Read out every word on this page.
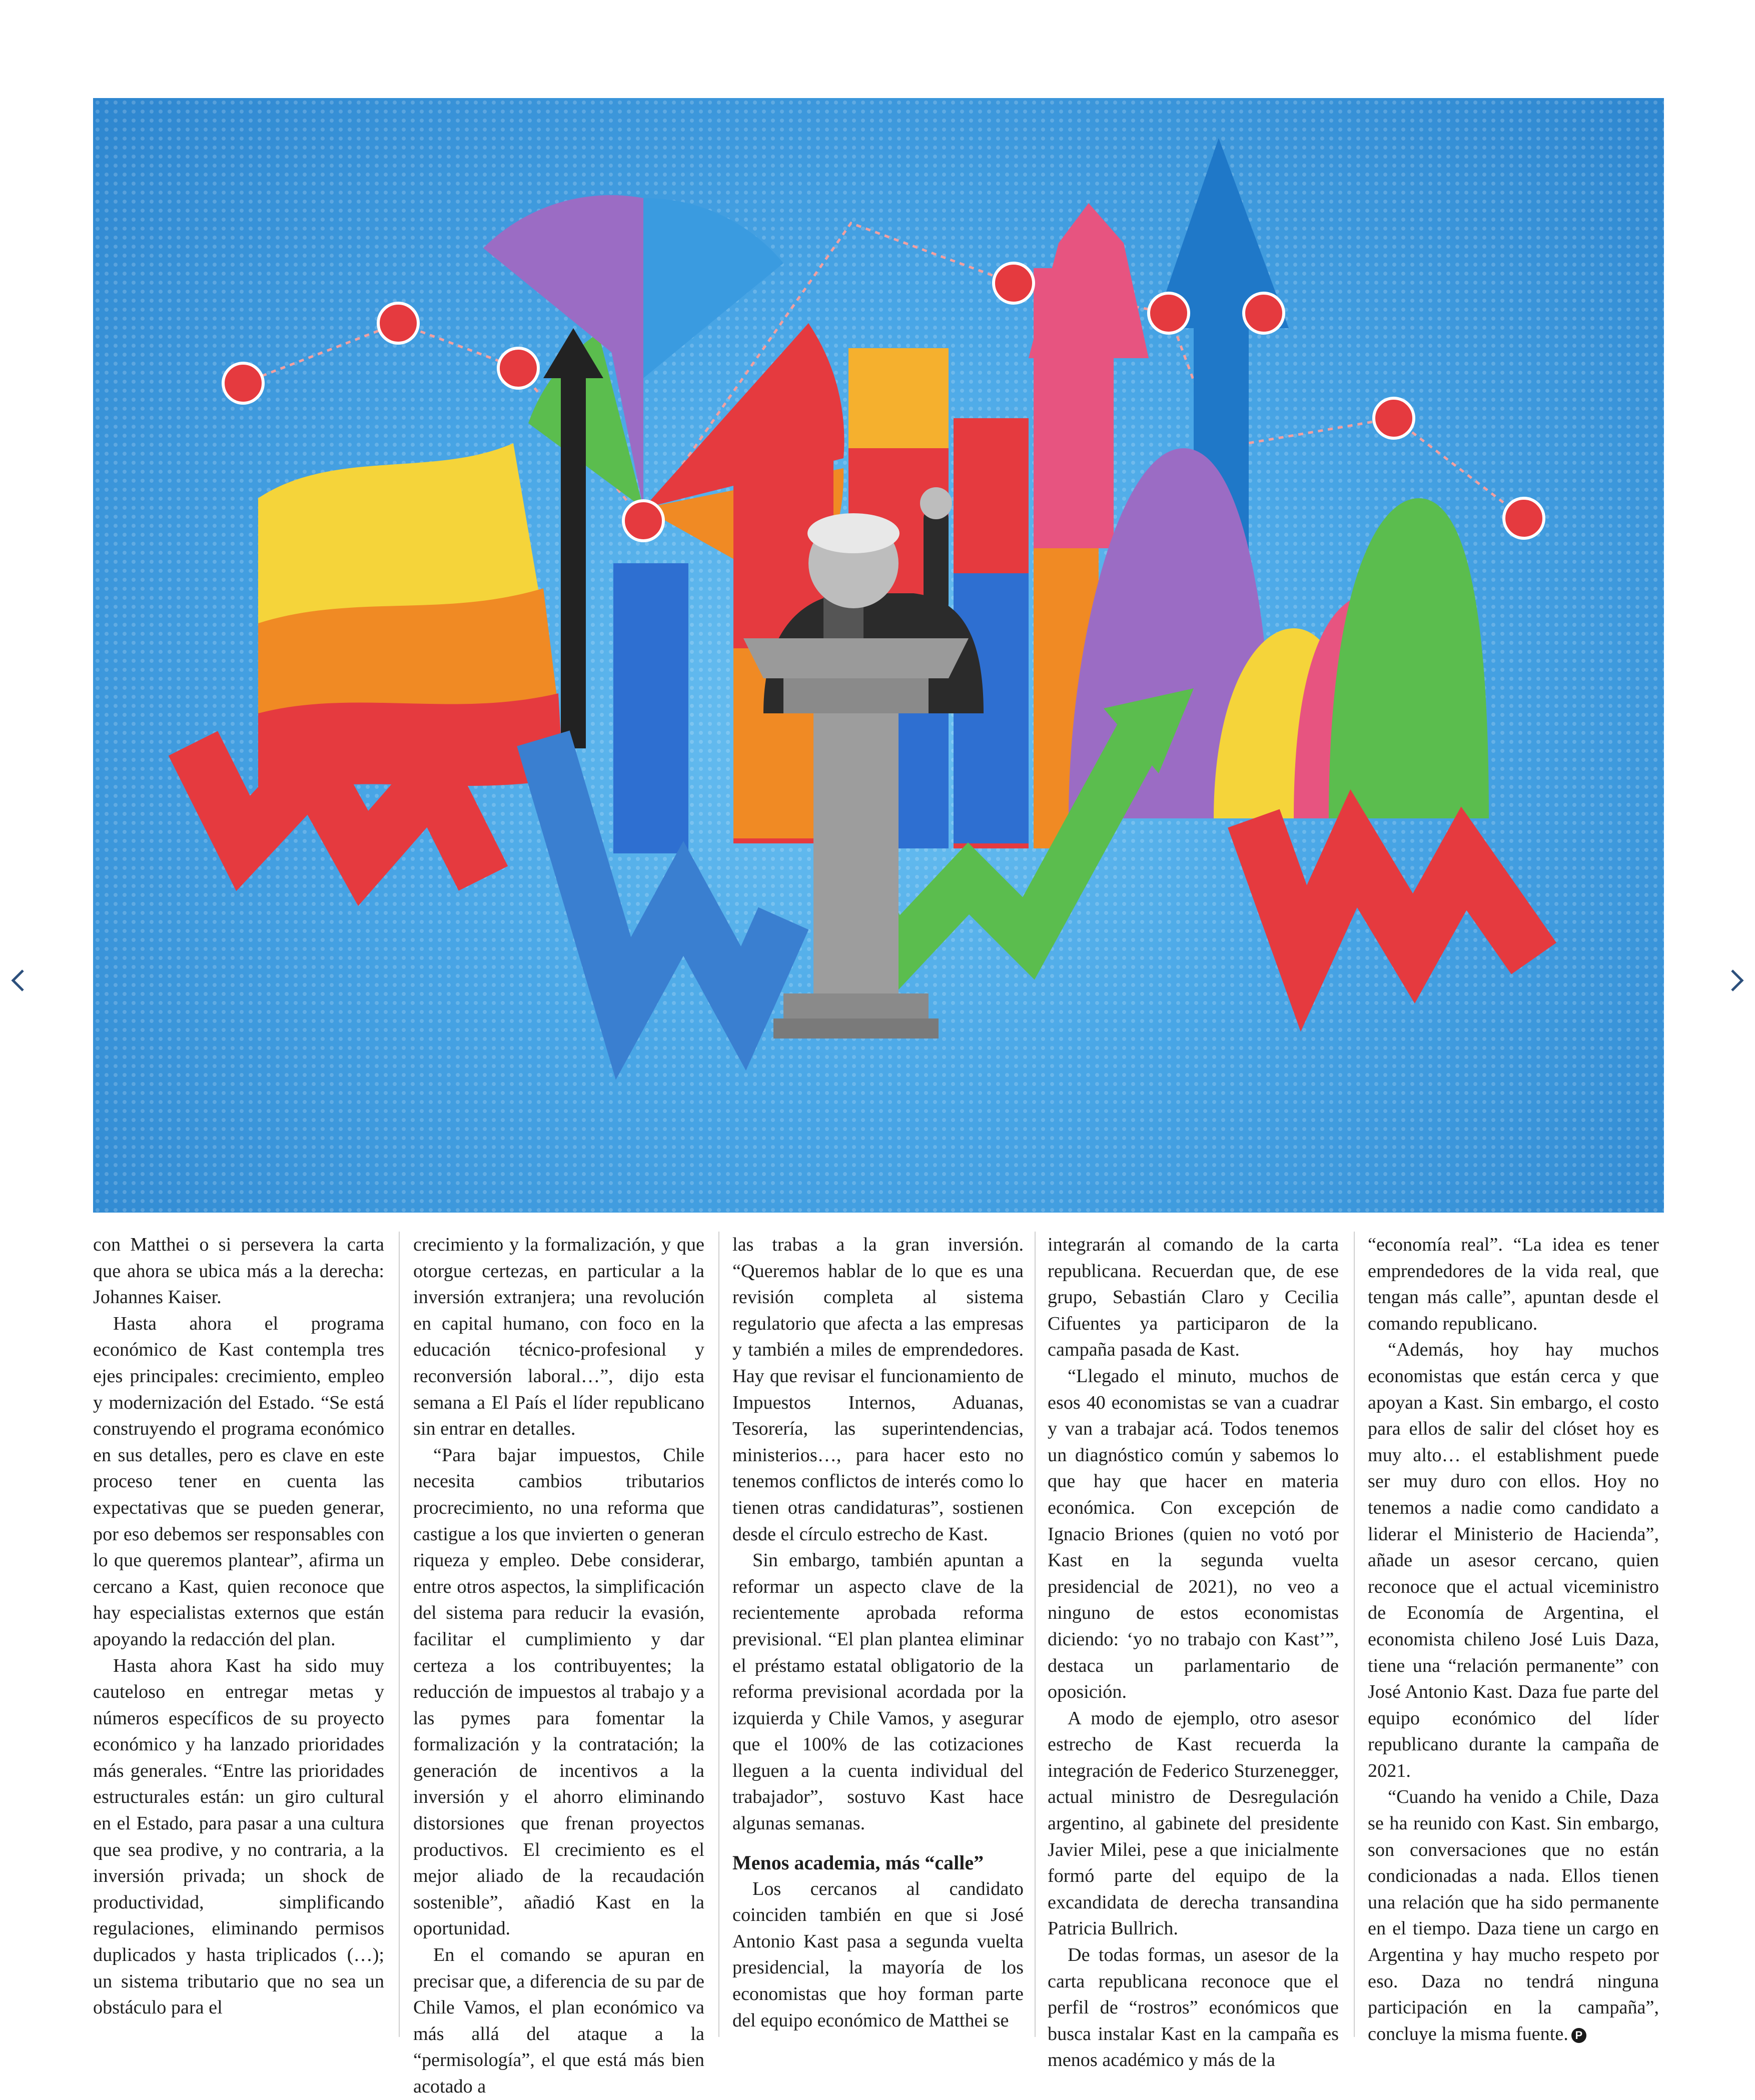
con Matthei o si persevera la carta que ahora se ubica más a la derecha: Johannes Kaiser.

Hasta ahora el programa económico de Kast contempla tres ejes principales: crecimiento, empleo y modernización del Estado. “Se está construyendo el programa económico en sus detalles, pero es clave en este proceso tener en cuenta las expectativas que se pueden generar, por eso debemos ser responsables con lo que queremos plantear”, afirma un cercano a Kast, quien reconoce que hay especialistas externos que están apoyando la redacción del plan.

Hasta ahora Kast ha sido muy cauteloso en entregar metas y números específicos de su proyecto económico y ha lanzado prioridades más generales. “Entre las prioridades estructurales están: un giro cultural en el Estado, para pasar a una cultura que sea prodive, y no contraria, a la inversión privada; un shock de productividad, simplificando regulaciones, eliminando permisos duplicados y hasta triplicados (…); un sistema tributario que no sea un obstáculo para el

crecimiento y la formalización, y que otorgue certezas, en particular a la inversión extranjera; una revolución en capital humano, con foco en la educación técnico-profesional y reconversión laboral…”, dijo esta semana a El País el líder republicano sin entrar en detalles.

“Para bajar impuestos, Chile necesita cambios tributarios procrecimiento, no una reforma que castigue a los que invierten o generan riqueza y empleo. Debe considerar, entre otros aspectos, la simplificación del sistema para reducir la evasión, facilitar el cumplimiento y dar certeza a los contribuyentes; la reducción de impuestos al trabajo y a las pymes para fomentar la formalización y la contratación; la generación de incentivos a la inversión y el ahorro eliminando distorsiones que frenan proyectos productivos. El crecimiento es el mejor aliado de la recaudación sostenible”, añadió Kast en la oportunidad.

En el comando se apuran en precisar que, a diferencia de su par de Chile Vamos, el plan económico va más allá del ataque a la “permisología”, el que está más bien acotado a

las trabas a la gran inversión. “Queremos hablar de lo que es una revisión completa al sistema regulatorio que afecta a las empresas y también a miles de emprendedores. Hay que revisar el funcionamiento de Impuestos Internos, Aduanas, Tesorería, las superintendencias, ministerios…, para hacer esto no tenemos conflictos de interés como lo tienen otras candidaturas”, sostienen desde el círculo estrecho de Kast.

Sin embargo, también apuntan a reformar un aspecto clave de la recientemente aprobada reforma previsional. “El plan plantea eliminar el préstamo estatal obligatorio de la reforma previsional acordada por la izquierda y Chile Vamos, y asegurar que el 100% de las cotizaciones lleguen a la cuenta individual del trabajador”, sostuvo Kast hace algunas semanas.

Menos academia, más “calle”

Los cercanos al candidato coinciden también en que si José Antonio Kast pasa a segunda vuelta presidencial, la mayoría de los economistas que hoy forman parte del equipo económico de Matthei se

integrarán al comando de la carta republicana. Recuerdan que, de ese grupo, Sebastián Claro y Cecilia Cifuentes ya participaron de la campaña pasada de Kast.

“Llegado el minuto, muchos de esos 40 economistas se van a cuadrar y van a trabajar acá. Todos tenemos un diagnóstico común y sabemos lo que hay que hacer en materia económica. Con excepción de Ignacio Briones (quien no votó por Kast en la segunda vuelta presidencial de 2021), no veo a ninguno de estos economistas diciendo: ‘yo no trabajo con Kast’”, destaca un parlamentario de oposición.

A modo de ejemplo, otro asesor estrecho de Kast recuerda la integración de Federico Sturzenegger, actual ministro de Desregulación argentino, al gabinete del presidente Javier Milei, pese a que inicialmente formó parte del equipo de la excandidata de derecha transandina Patricia Bullrich.

De todas formas, un asesor de la carta republicana reconoce que el perfil de “rostros” económicos que busca instalar Kast en la campaña es menos académico y más de la

“economía real”. “La idea es tener emprendedores de la vida real, que tengan más calle”, apuntan desde el comando republicano.

“Además, hoy hay muchos economistas que están cerca y que apoyan a Kast. Sin embargo, el costo para ellos de salir del clóset hoy es muy alto… el establishment puede ser muy duro con ellos. Hoy no tenemos a nadie como candidato a liderar el Ministerio de Hacienda”, añade un asesor cercano, quien reconoce que el actual viceministro de Economía de Argentina, el economista chileno José Luis Daza, tiene una “relación permanente” con José Antonio Kast. Daza fue parte del equipo económico del líder republicano durante la campaña de 2021.

“Cuando ha venido a Chile, Daza se ha reunido con Kast. Sin embargo, son conversaciones que no están condicionadas a nada. Ellos tienen una relación que ha sido permanente en el tiempo. Daza tiene un cargo en Argentina y hay mucho respeto por eso. Daza no tendrá ninguna participación en la campaña”, concluye la misma fuente. P
